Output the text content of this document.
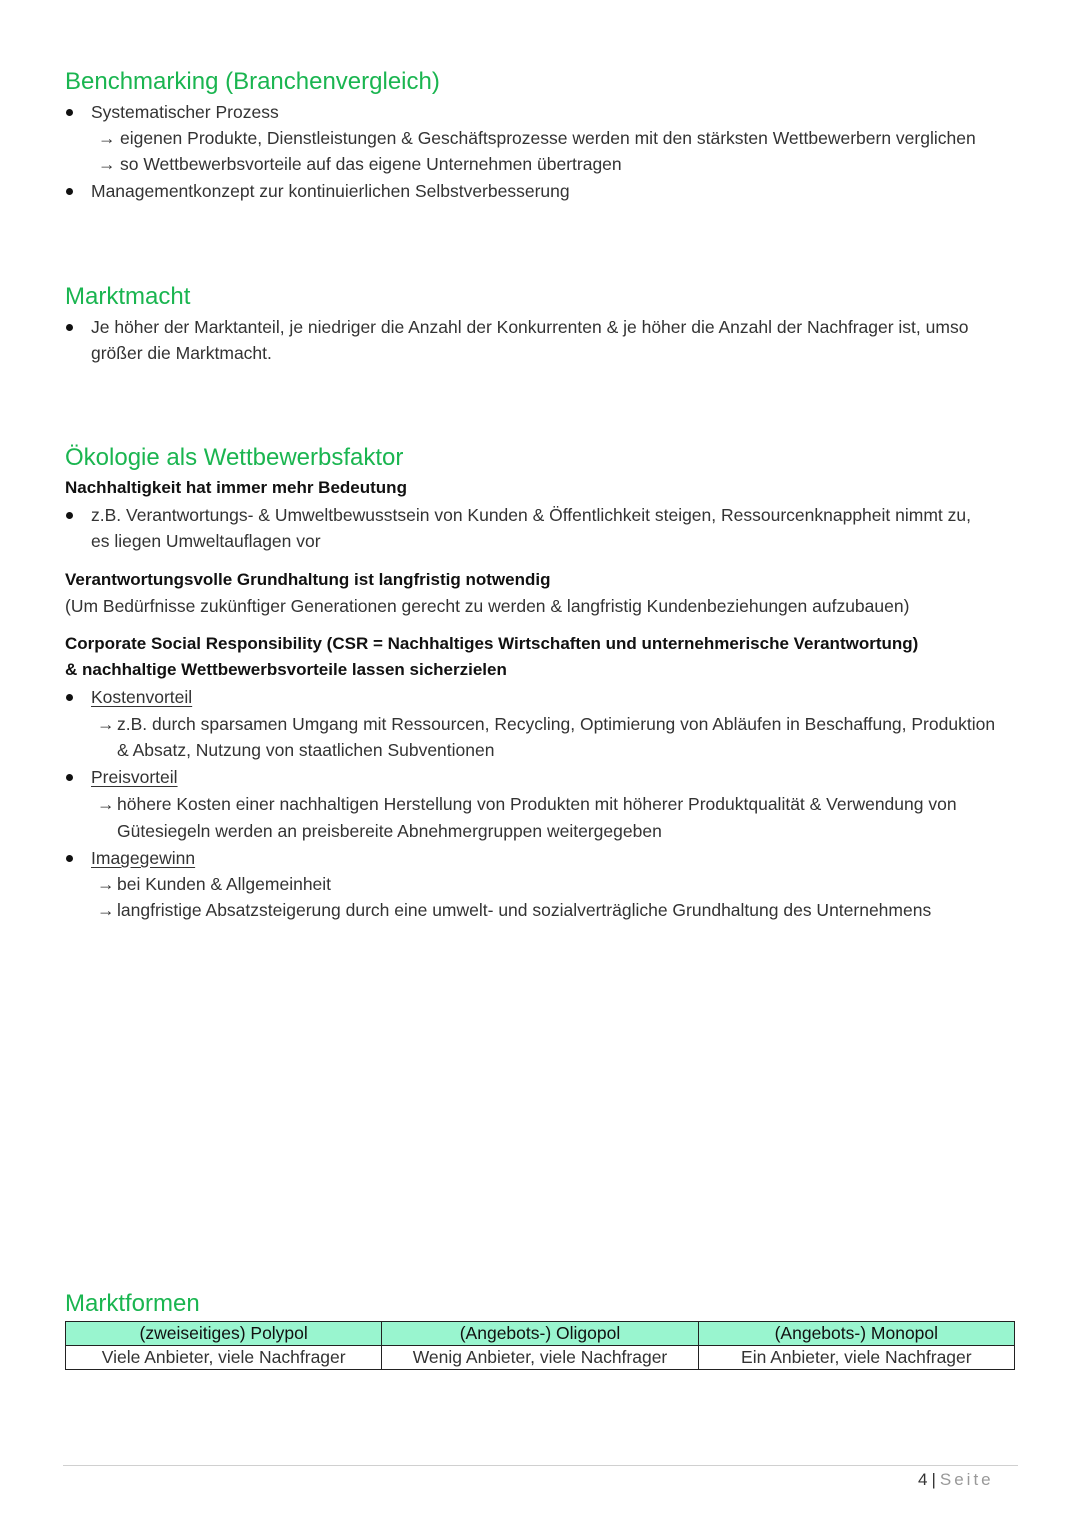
Benchmarking (Branchenvergleich)

Systematischer Prozess

→ eigenen Produkte, Dienstleistungen & Geschäftsprozesse werden mit den stärksten Wettbewerbern verglichen

→ so Wettbewerbsvorteile auf das eigene Unternehmen übertragen

Managementkonzept zur kontinuierlichen Selbstverbesserung

Marktmacht

Je höher der Marktanteil, je niedriger die Anzahl der Konkurrenten & je höher die Anzahl der Nachfrager ist, umso

größer die Marktmacht.

Ökologie als Wettbewerbsfaktor

Nachhaltigkeit hat immer mehr Bedeutung

z.B. Verantwortungs- & Umweltbewusstsein von Kunden & Öffentlichkeit steigen, Ressourcenknappheit nimmt zu,

es liegen Umweltauflagen vor

Verantwortungsvolle Grundhaltung ist langfristig notwendig

(Um Bedürfnisse zukünftiger Generationen gerecht zu werden & langfristig Kundenbeziehungen aufzubauen)

Corporate Social Responsibility (CSR = Nachhaltiges Wirtschaften und unternehmerische Verantwortung)

& nachhaltige Wettbewerbsvorteile lassen sicherzielen

Kostenvorteil

→ z.B. durch sparsamen Umgang mit Ressourcen, Recycling, Optimierung von Abläufen in Beschaffung, Produktion

& Absatz, Nutzung von staatlichen Subventionen

Preisvorteil

→ höhere Kosten einer nachhaltigen Herstellung von Produkten mit höherer Produktqualität & Verwendung von

Gütesiegeln werden an preisbereite Abnehmergruppen weitergegeben

Imagegewinn

→ bei Kunden & Allgemeinheit

→ langfristige Absatzsteigerung durch eine umwelt- und sozialverträgliche Grundhaltung des Unternehmens

Marktformen
(zweiseitiges) Polypol	(Angebots-) Oligopol	(Angebots-) Monopol
Viele Anbieter, viele Nachfrager	Wenig Anbieter, viele Nachfrager	Ein Anbieter, viele Nachfrager
4 | Seite
